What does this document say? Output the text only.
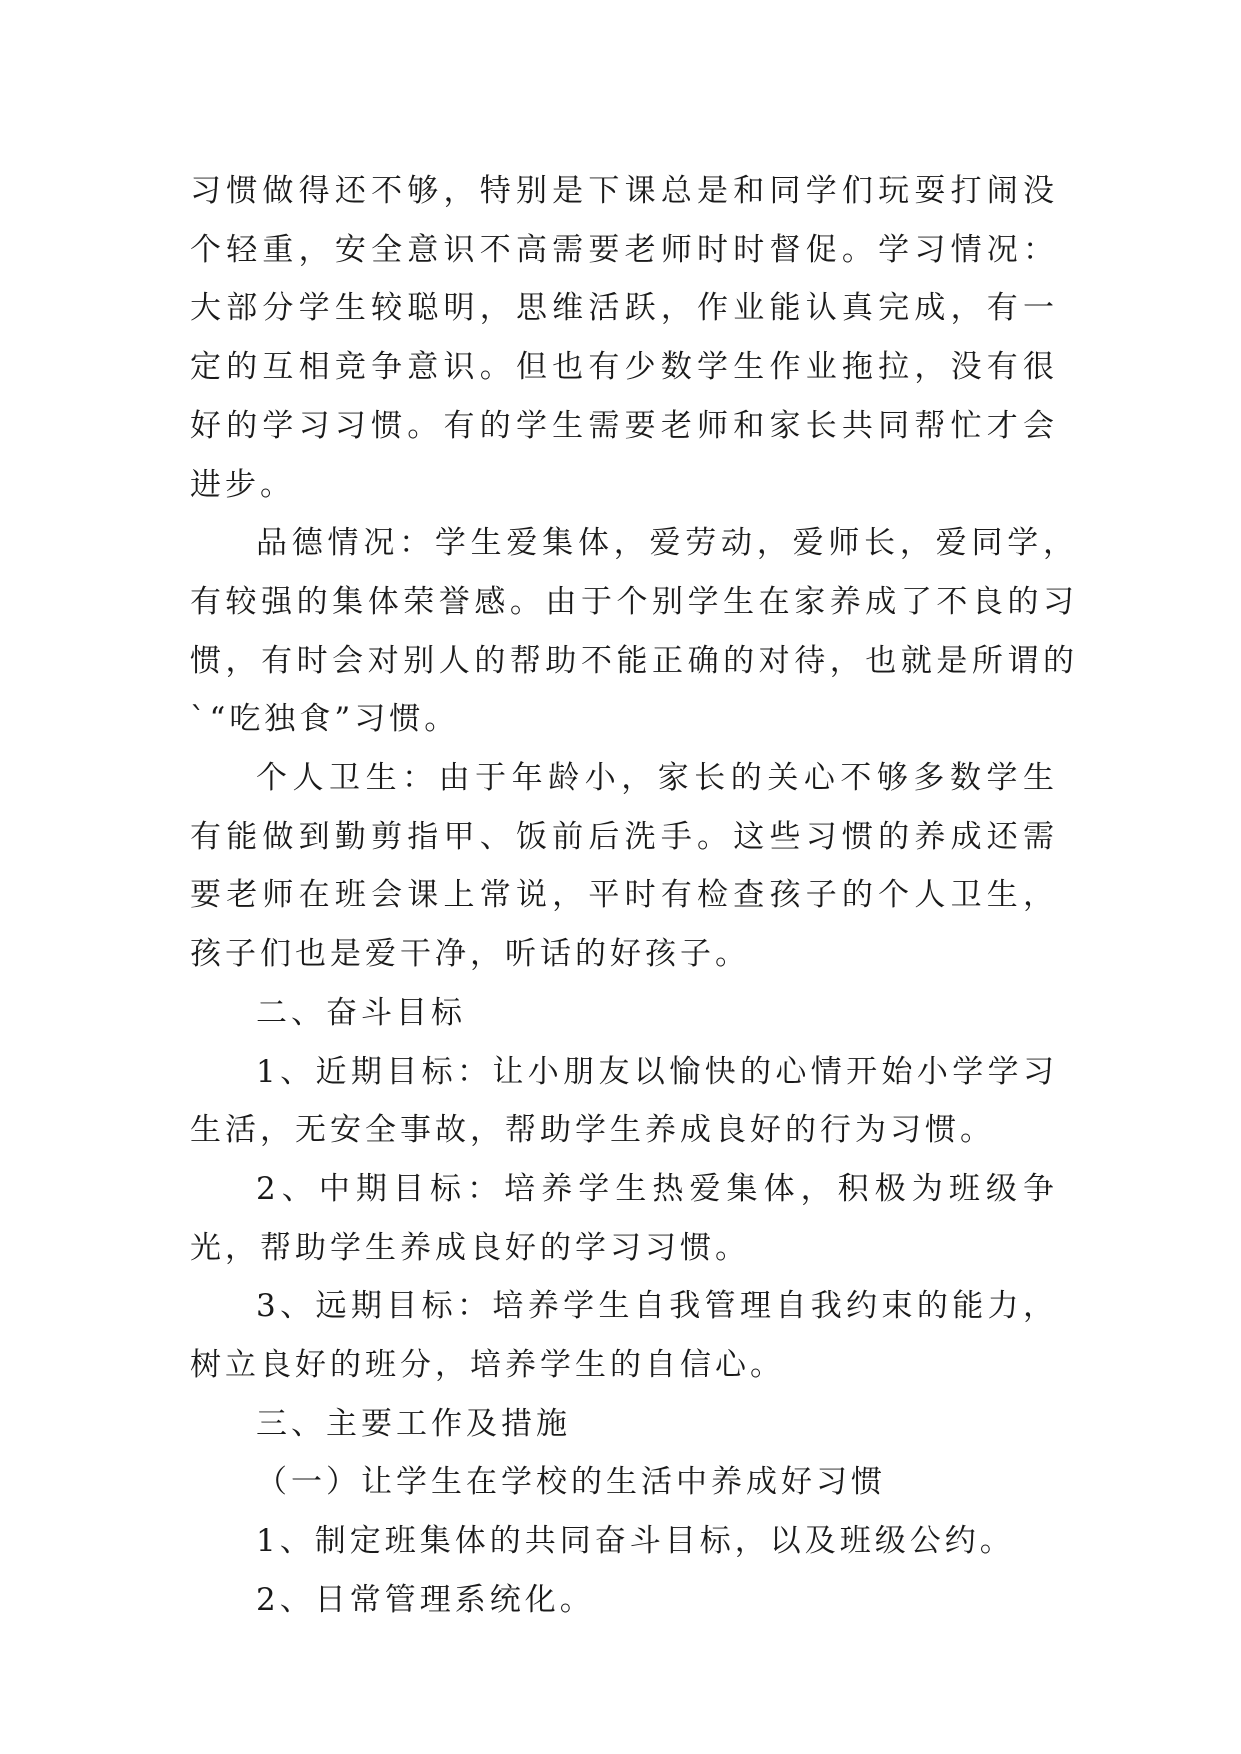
习惯做得还不够，特别是下课总是和同学们玩耍打闹没个轻重，安全意识不高需要老师时时督促。学习情况：大部分学生较聪明，思维活跃，作业能认真完成，有一定的互相竞争意识。但也有少数学生作业拖拉，没有很好的学习习惯。有的学生需要老师和家长共同帮忙才会进步。

品德情况：学生爱集体，爱劳动，爱师长，爱同学，有较强的集体荣誉感。由于个别学生在家养成了不良的习惯，有时会对别人的帮助不能正确的对待，也就是所谓的`“吃独食”习惯。

个人卫生：由于年龄小，家长的关心不够多数学生有能做到勤剪指甲、饭前后洗手。这些习惯的养成还需要老师在班会课上常说，平时有检查孩子的个人卫生，孩子们也是爱干净，听话的好孩子。

二、奋斗目标

1、近期目标：让小朋友以愉快的心情开始小学学习生活，无安全事故，帮助学生养成良好的行为习惯。

2、中期目标：培养学生热爱集体，积极为班级争光，帮助学生养成良好的学习习惯。

3、远期目标：培养学生自我管理自我约束的能力，树立良好的班分，培养学生的自信心。

三、主要工作及措施

（一）让学生在学校的生活中养成好习惯

1、制定班集体的共同奋斗目标，以及班级公约。

2、日常管理系统化。
